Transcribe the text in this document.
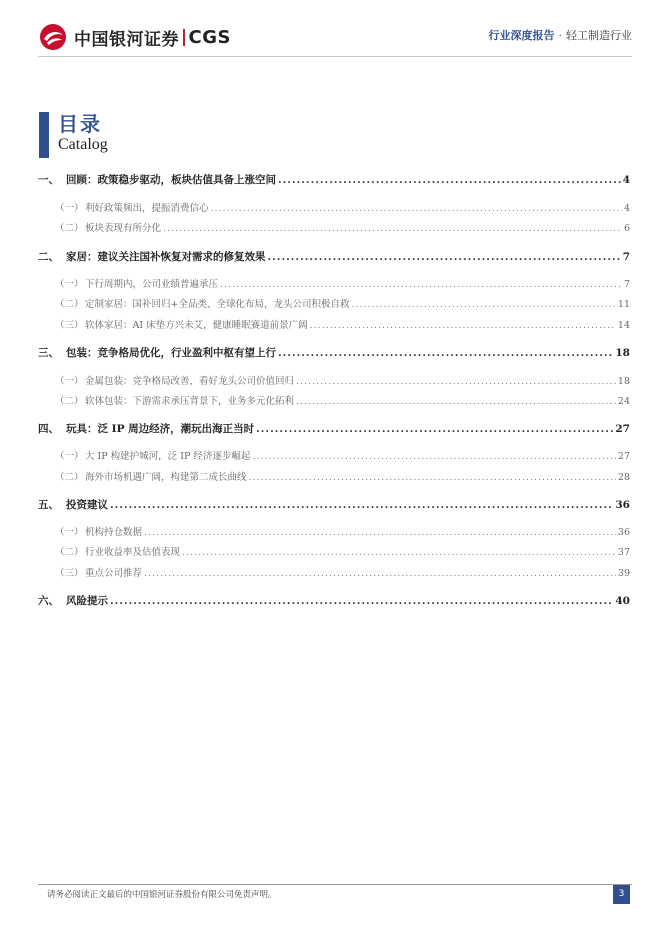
中国银河证券 CGS	行业深度报告 · 轻工制造行业
目录
Catalog
一、 回顾：政策稳步驱动，板块估值具备上涨空间 .....	4
（一） 利好政策频出，提振消费信心 .....	4
（二） 板块表现有所分化 .....	6
二、 家居：建议关注国补恢复对需求的修复效果 .....	7
（一） 下行周期内，公司业绩普遍承压 .....	7
（二） 定制家居：国补回归+全品类、全球化布局，龙头公司积极自救 .....	11
（三） 软体家居：AI 床垫方兴未艾，健康睡眠赛道前景广阔 .....	14
三、 包装：竞争格局优化，行业盈利中枢有望上行 .....	18
（一） 金属包装：竞争格局改善，看好龙头公司价值回归 .....	18
（二） 软体包装：下游需求承压背景下，业务多元化拓利 .....	24
四、 玩具：泛 IP 周边经济，潮玩出海正当时 .....	27
（一） 大 IP 构建护城河，泛 IP 经济逐步崛起 .....	27
（二） 海外市场机遇广阔，构建第二成长曲线 .....	28
五、 投资建议 .....	36
（一） 机构持仓数据 .....	36
（二） 行业收益率及估值表现 .....	37
（三） 重点公司推荐 .....	39
六、 风险提示 .....	40
请务必阅读正文最后的中国银河证券股份有限公司免责声明。	3
